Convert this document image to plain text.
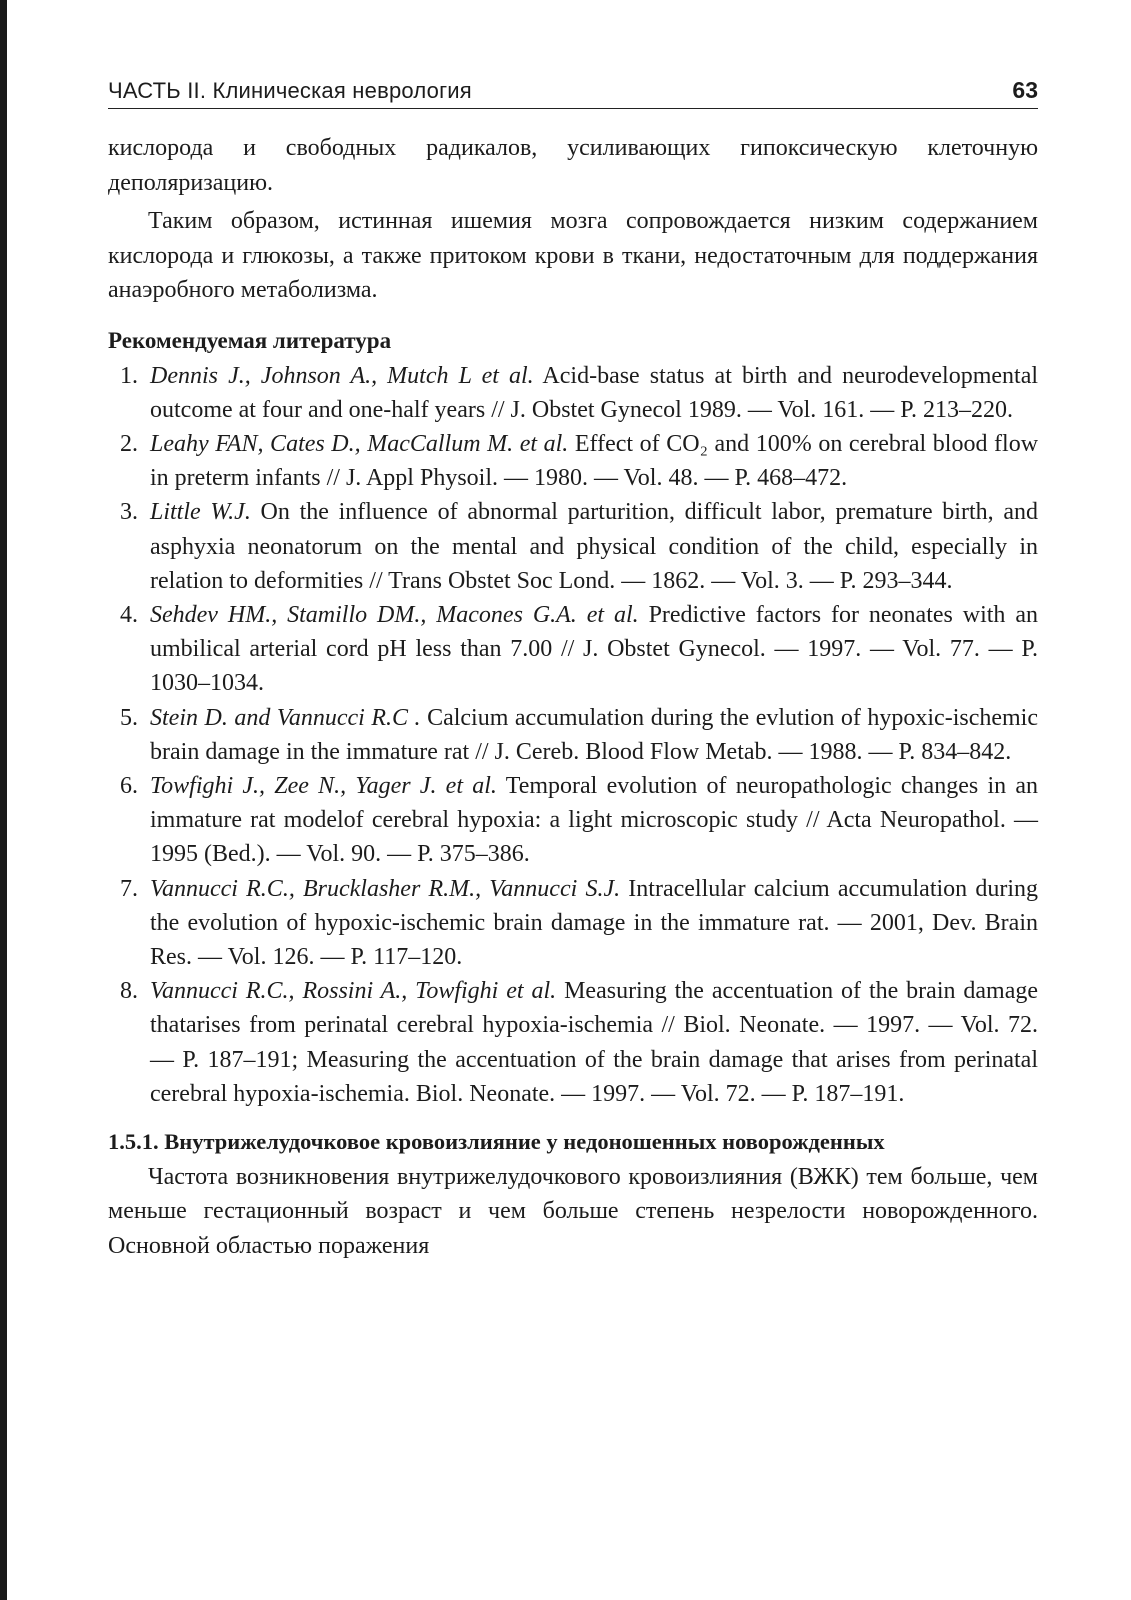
ЧАСТЬ II. Клиническая неврология	63

кислорода и свободных радикалов, усиливающих гипоксическую клеточную деполяризацию.

Таким образом, истинная ишемия мозга сопровождается низким содержанием кислорода и глюкозы, а также притоком крови в ткани, недостаточным для поддержания анаэробного метаболизма.

Рекомендуемая литература
1. Dennis J., Johnson A., Mutch L et al. Acid-base status at birth and neurodevelopmental outcome at four and one-half years // J. Obstet Gynecol 1989. — Vol. 161. — P. 213–220.
2. Leahy FAN, Cates D., MacCallum M. et al. Effect of CO₂ and 100% on cerebral blood flow in preterm infants // J. Appl Physoil. — 1980. — Vol. 48. — P. 468–472.
3. Little W.J. On the influence of abnormal parturition, difficult labor, premature birth, and asphyxia neonatorum on the mental and physical condition of the child, especially in relation to deformities // Trans Obstet Soc Lond. — 1862. — Vol. 3. — P. 293–344.
4. Sehdev HM., Stamillo DM., Macones G.A. et al. Predictive factors for neonates with an umbilical arterial cord pH less than 7.00 // J. Obstet Gynecol. — 1997. — Vol. 77. — P. 1030–1034.
5. Stein D. and Vannucci R.C . Calcium accumulation during the evlution of hypoxic-ischemic brain damage in the immature rat // J. Cereb. Blood Flow Metab. — 1988. — P. 834–842.
6. Towfighi J., Zee N., Yager J. et al. Temporal evolution of neuropathologic changes in an immature rat modelof cerebral hypoxia: a light microscopic study // Acta Neuropathol. — 1995 (Bed.). — Vol. 90. — P. 375–386.
7. Vannucci R.C., Brucklasher R.M., Vannucci S.J. Intracellular calcium accumulation during the evolution of hypoxic-ischemic brain damage in the immature rat. — 2001, Dev. Brain Res. — Vol. 126. — P. 117–120.
8. Vannucci R.C., Rossini A., Towfighi et al. Measuring the accentuation of the brain damage thatarises from perinatal cerebral hypoxia-ischemia // Biol. Neonate. — 1997. — Vol. 72. — P. 187–191; Measuring the accentuation of the brain damage that arises from perinatal cerebral hypoxia-ischemia. Biol. Neonate. — 1997. — Vol. 72. — P. 187–191.
1.5.1. Внутрижелудочковое кровоизлияние у недоношенных новорожденных

Частота возникновения внутрижелудочкового кровоизлияния (ВЖК) тем больше, чем меньше гестационный возраст и чем больше степень незрелости новорожденного. Основной областью поражения
